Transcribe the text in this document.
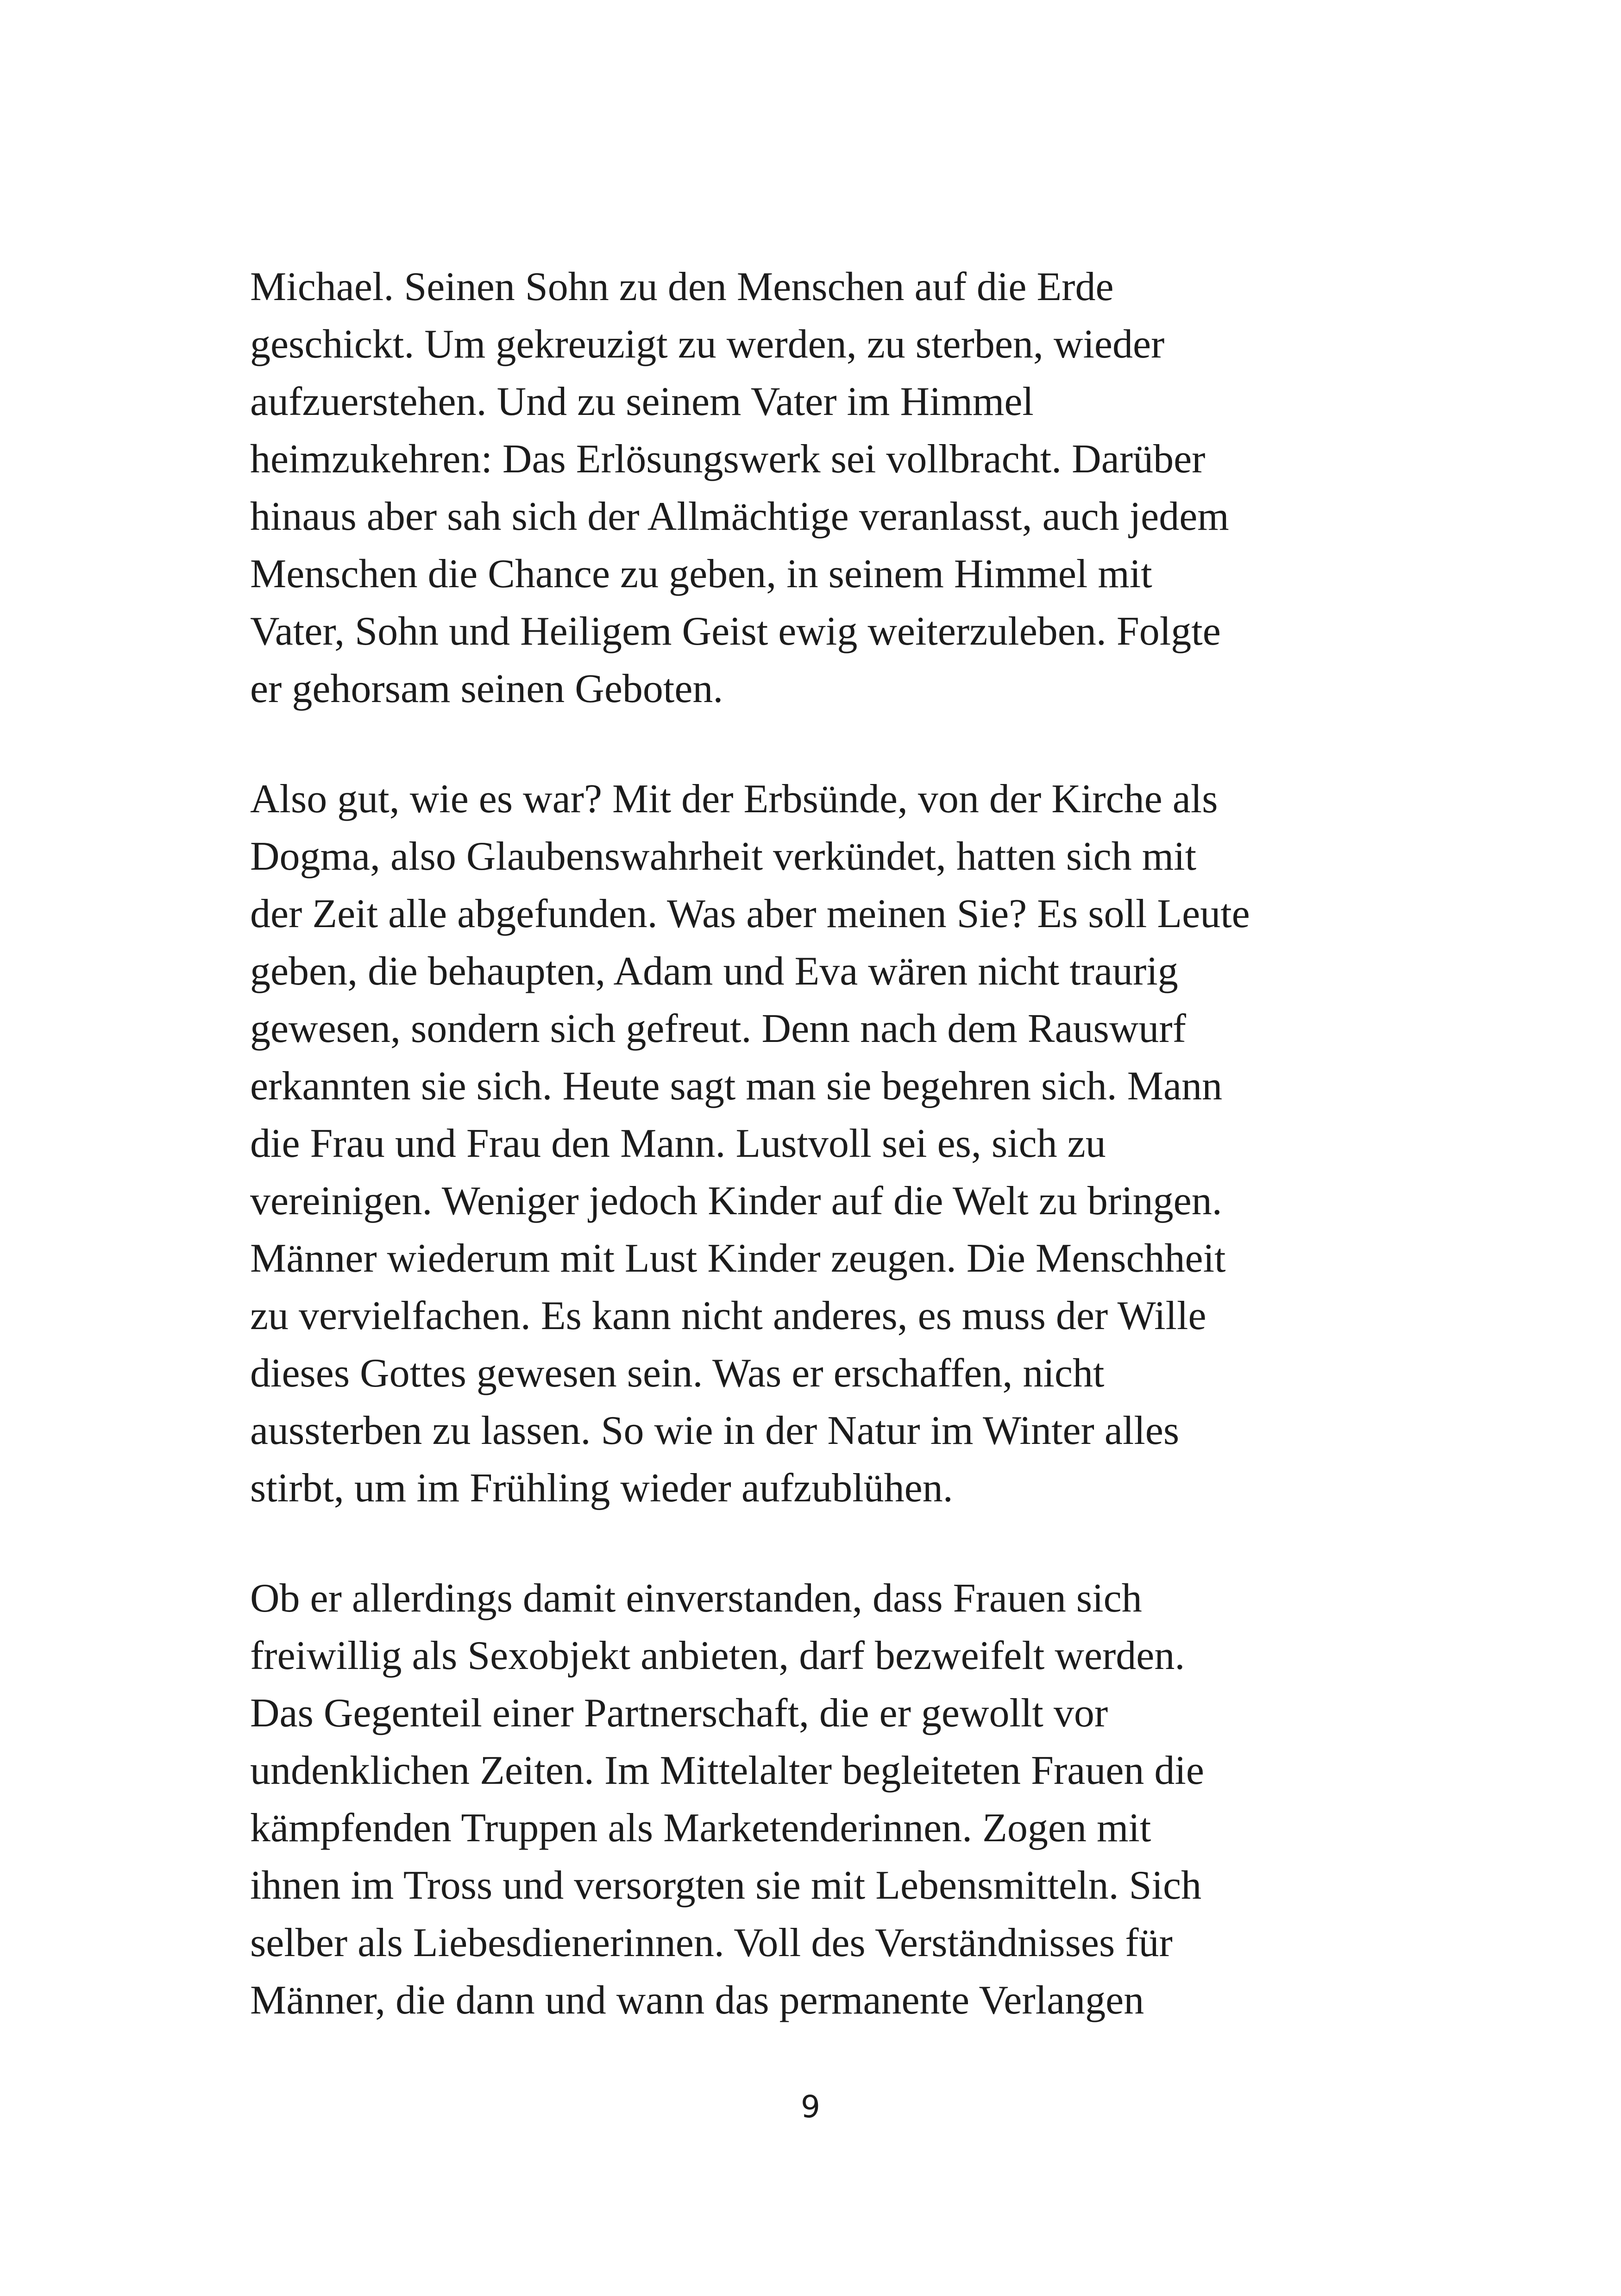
Michael. Seinen Sohn zu den Menschen auf die Erde
geschickt. Um gekreuzigt zu werden, zu sterben, wieder
aufzuerstehen. Und zu seinem Vater im Himmel
heimzukehren: Das Erlösungswerk sei vollbracht. Darüber
hinaus aber sah sich der Allmächtige veranlasst, auch jedem
Menschen die Chance zu geben, in seinem Himmel mit
Vater, Sohn und Heiligem Geist ewig weiterzuleben. Folgte
er gehorsam seinen Geboten.

Also gut, wie es war? Mit der Erbsünde, von der Kirche als
Dogma, also Glaubenswahrheit verkündet, hatten sich mit
der Zeit alle abgefunden. Was aber meinen Sie? Es soll Leute
geben, die behaupten, Adam und Eva wären nicht traurig
gewesen, sondern sich gefreut. Denn nach dem Rauswurf
erkannten sie sich. Heute sagt man sie begehren sich. Mann
die Frau und Frau den Mann. Lustvoll sei es, sich zu
vereinigen. Weniger jedoch Kinder auf die Welt zu bringen.
Männer wiederum mit Lust Kinder zeugen. Die Menschheit
zu vervielfachen. Es kann nicht anderes, es muss der Wille
dieses Gottes gewesen sein. Was er erschaffen, nicht
aussterben zu lassen. So wie in der Natur im Winter alles
stirbt, um im Frühling wieder aufzublühen.

Ob er allerdings damit einverstanden, dass Frauen sich
freiwillig als Sexobjekt anbieten, darf bezweifelt werden.
Das Gegenteil einer Partnerschaft, die er gewollt vor
undenklichen Zeiten. Im Mittelalter begleiteten Frauen die
kämpfenden Truppen als Marketenderinnen. Zogen mit
ihnen im Tross und versorgten sie mit Lebensmitteln. Sich
selber als Liebesdienerinnen. Voll des Verständnisses für
Männer, die dann und wann das permanente Verlangen

9
